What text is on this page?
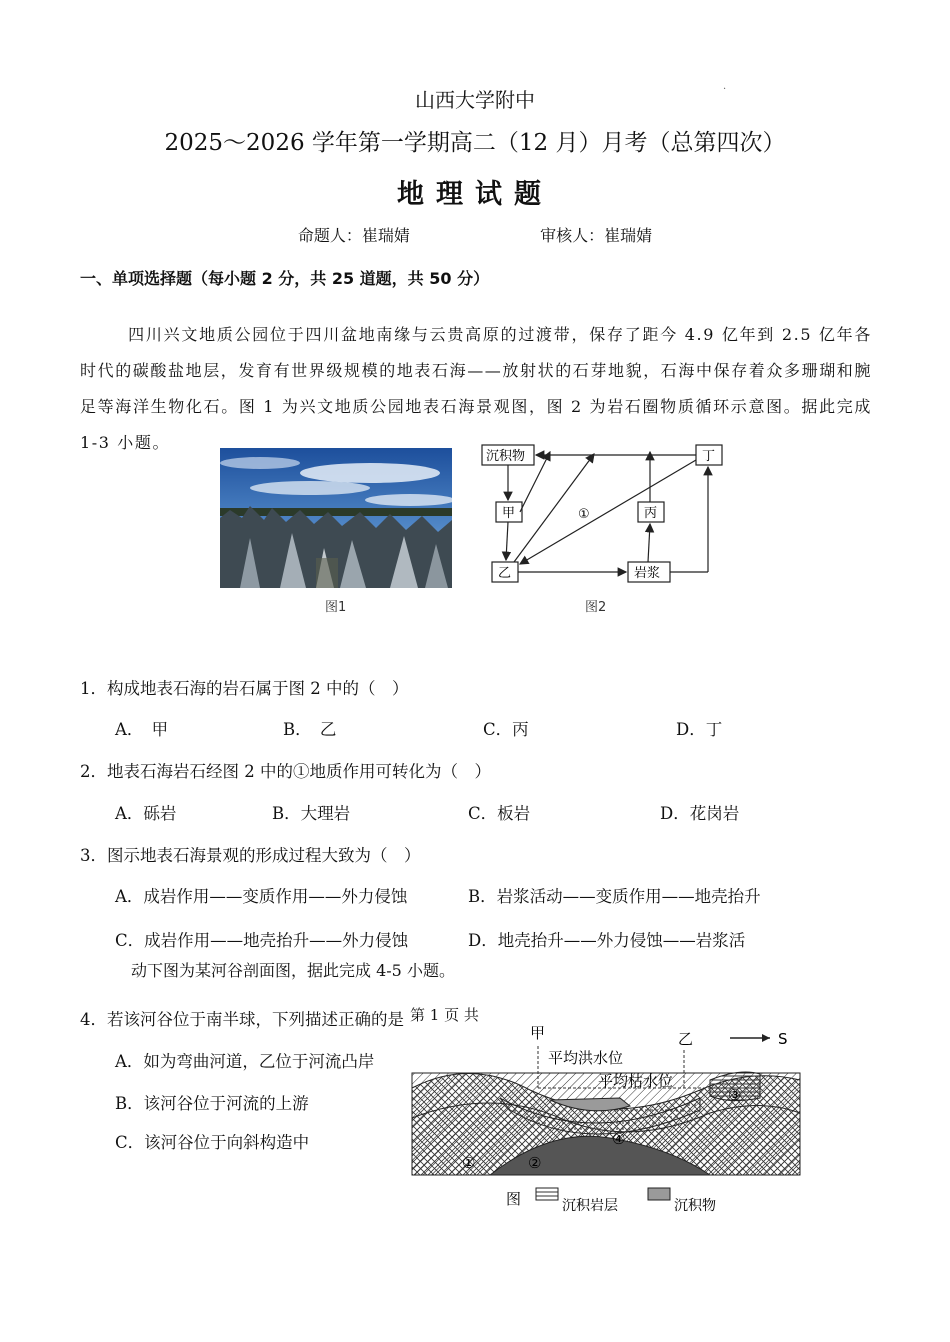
山西大学附中	·
2025～2026 学年第一学期高二（12 月）月考（总第四次）
地理试题
命题人：崔瑞婧	审核人：崔瑞婧
一、单项选择题（每小题 2 分，共 25 道题，共 50 分）
四川兴文地质公园位于四川盆地南缘与云贵高原的过渡带，保存了距今 4.9 亿年到 2.5 亿年各时代的碳酸盐地层，发育有世界级规模的地表石海——放射状的石芽地貌，石海中保存着众多珊瑚和腕足等海洋生物化石。图 1 为兴文地质公园地表石海景观图，图 2 为岩石圈物质循环示意图。据此完成 1-3 小题。
图1
沉积物
甲
乙
丙
岩浆
丁
①
图2
1．构成地表石海的岩石属于图 2 中的（　）
A．　甲	B．　乙	C．丙	D．丁
2．地表石海岩石经图 2 中的①地质作用可转化为（　）
A．砾岩	B．大理岩	C．板岩	D．花岗岩
3．图示地表石海景观的形成过程大致为（　）
A．成岩作用——变质作用——外力侵蚀	B．岩浆活动——变质作用——地壳抬升
C．成岩作用——地壳抬升——外力侵蚀	D．地壳抬升——外力侵蚀——岩浆活
动下图为某河谷剖面图，据此完成 4-5 小题。
4．若该河谷位于南半球，下列描述正确的是 第 1 页 共
A．如为弯曲河道，乙位于河流凸岸
B．该河谷位于河流的上游
C．该河谷位于向斜构造中
甲	乙	S
平均洪水位
①	②
③
④
图	沉积岩层	沉积物
